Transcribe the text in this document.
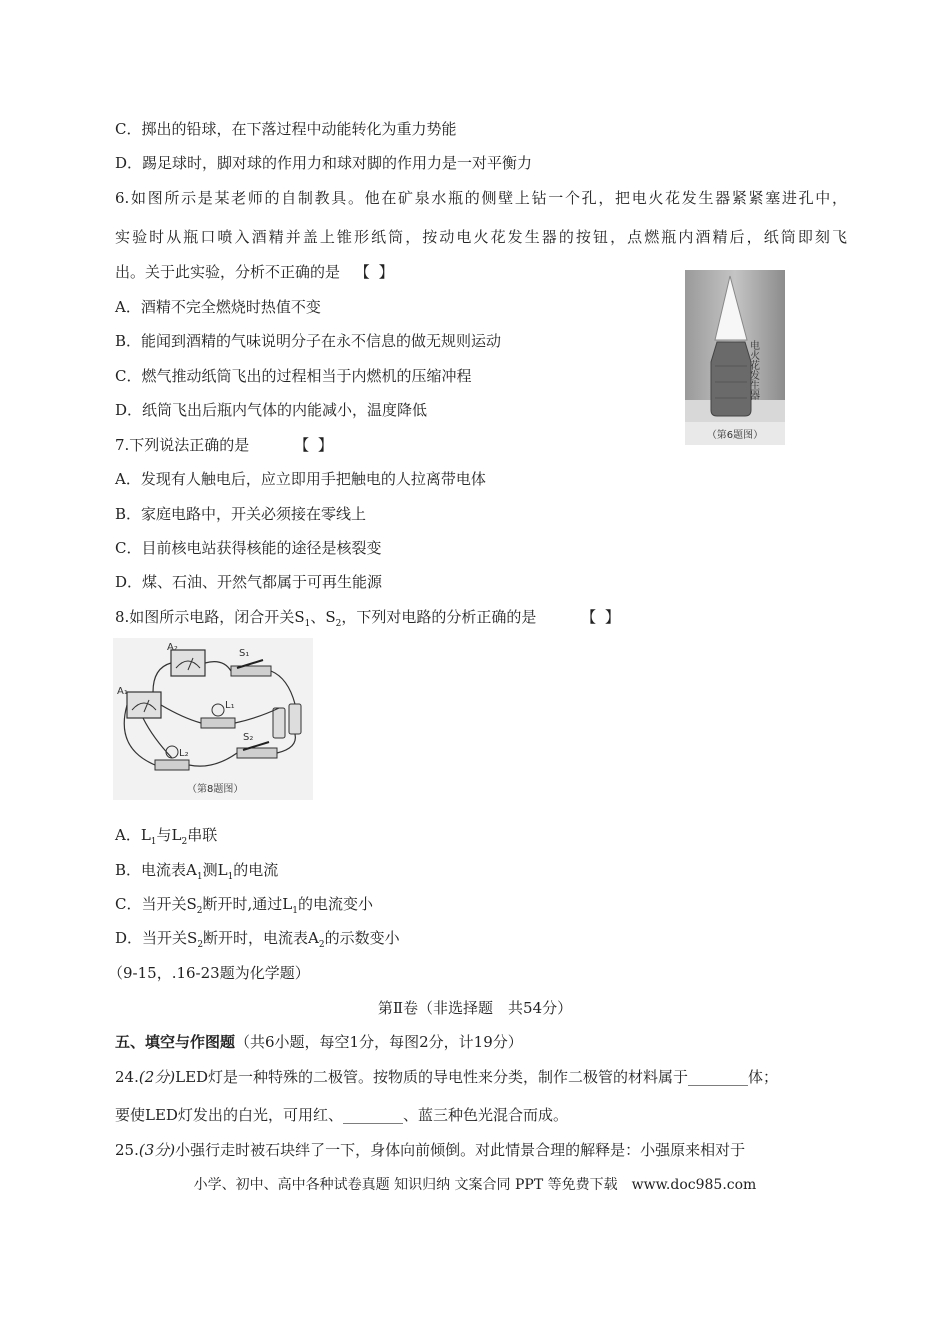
C．掷出的铅球，在下落过程中动能转化为重力势能
D．踢足球时，脚对球的作用力和球对脚的作用力是一对平衡力
6.如图所示是某老师的自制教具。他在矿泉水瓶的侧壁上钻一个孔，把电火花发生器紧紧塞进孔中，
实验时从瓶口喷入酒精并盖上锥形纸筒，按动电火花发生器的按钮，点燃瓶内酒精后，纸筒即刻飞
出。关于此实验，分析不正确的是 【 】
A．酒精不完全燃烧时热值不变
B．能闻到酒精的气味说明分子在永不信息的做无规则运动
C．燃气推动纸筒飞出的过程相当于内燃机的压缩冲程
D．纸筒飞出后瓶内气体的内能减小，温度降低
电火花发生器
（第6题图）
7.下列说法正确的是	【 】
A．发现有人触电后，应立即用手把触电的人拉离带电体
B．家庭电路中，开关必须接在零线上
C．目前核电站获得核能的途径是核裂变
D．煤、石油、开然气都属于可再生能源
8.如图所示电路，闭合开关$S_1$、$S_2$，下列对电路的分析正确的是	【 】
A₂
A₁
S₁
L₁
L₂
S₂
（第8题图）
A．$L_1$与$L_2$串联
B．电流表$A_1$测$L_1$的电流
C．当开关$S_2$断开时,通过$L_1$的电流变小
D．当开关$S_2$断开时，电流表$A_2$的示数变小
（9-15，.16-23题为化学题）
第Ⅱ卷（非选择题　共54分）
五、填空与作图题（共6小题，每空1分，每图2分，计19分）
24.(2分)LED灯是一种特殊的二极管。按物质的导电性来分类，制作二极管的材料属于________体；
要使LED灯发出的白光，可用红、________、蓝三种色光混合而成。
25.(3分)小强行走时被石块绊了一下，身体向前倾倒。对此情景合理的解释是：小强原来相对于
小学、初中、高中各种试卷真题 知识归纳 文案合同 PPT 等免费下载　www.doc985.com
